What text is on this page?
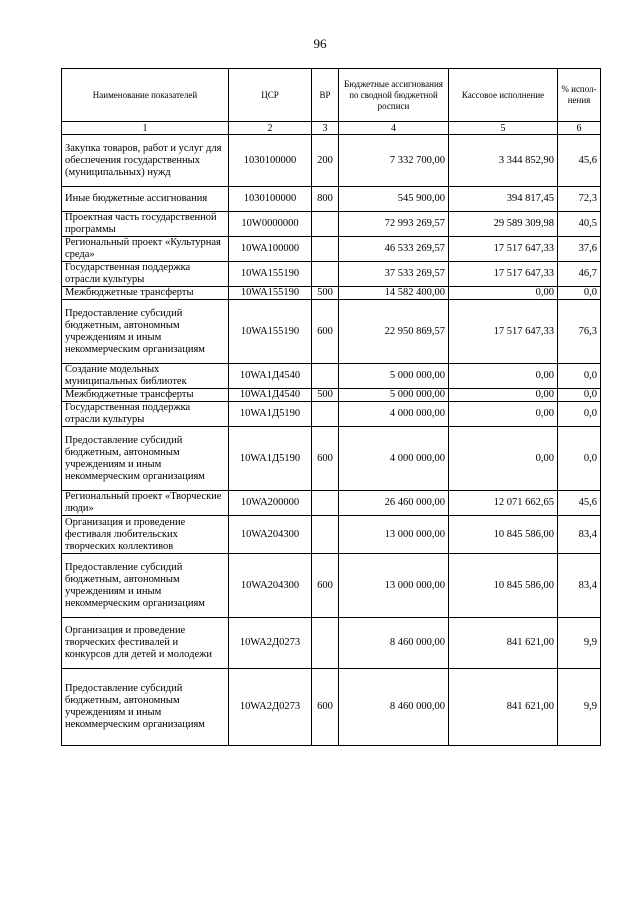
96
Наименование показателей	ЦСР	ВР	Бюджетные ассигнования по сводной бюджетной росписи	Кассовое исполнение	% испол-нения
1	2	3	4	5	6
Закупка товаров, работ и услуг для обеспечения государственных (муниципальных) нужд	1030100000	200	7 332 700,00	3 344 852,90	45,6
Иные бюджетные ассигнования	1030100000	800	545 900,00	394 817,45	72,3
Проектная часть государственной программы	10W0000000		72 993 269,57	29 589 309,98	40,5
Региональный проект «Культурная среда»	10WA100000		46 533 269,57	17 517 647,33	37,6
Государственная поддержка отрасли культуры	10WA155190		37 533 269,57	17 517 647,33	46,7
Межбюджетные трансферты	10WA155190	500	14 582 400,00	0,00	0,0
Предоставление субсидий бюджетным, автономным учреждениям и иным некоммерческим организациям	10WA155190	600	22 950 869,57	17 517 647,33	76,3
Создание модельных муниципальных библиотек	10WA1Д4540		5 000 000,00	0,00	0,0
Межбюджетные трансферты	10WA1Д4540	500	5 000 000,00	0,00	0,0
Государственная поддержка отрасли культуры	10WA1Д5190		4 000 000,00	0,00	0,0
Предоставление субсидий бюджетным, автономным учреждениям и иным некоммерческим организациям	10WA1Д5190	600	4 000 000,00	0,00	0,0
Региональный проект «Творческие люди»	10WA200000		26 460 000,00	12 071 662,65	45,6
Организация и проведение фестиваля любительских творческих коллективов	10WA204300		13 000 000,00	10 845 586,00	83,4
Предоставление субсидий бюджетным, автономным учреждениям и иным некоммерческим организациям	10WA204300	600	13 000 000,00	10 845 586,00	83,4
Организация и проведение творческих фестивалей и конкурсов для детей и молодежи	10WA2Д0273		8 460 000,00	841 621,00	9,9
Предоставление субсидий бюджетным, автономным учреждениям и иным некоммерческим организациям	10WA2Д0273	600	8 460 000,00	841 621,00	9,9
